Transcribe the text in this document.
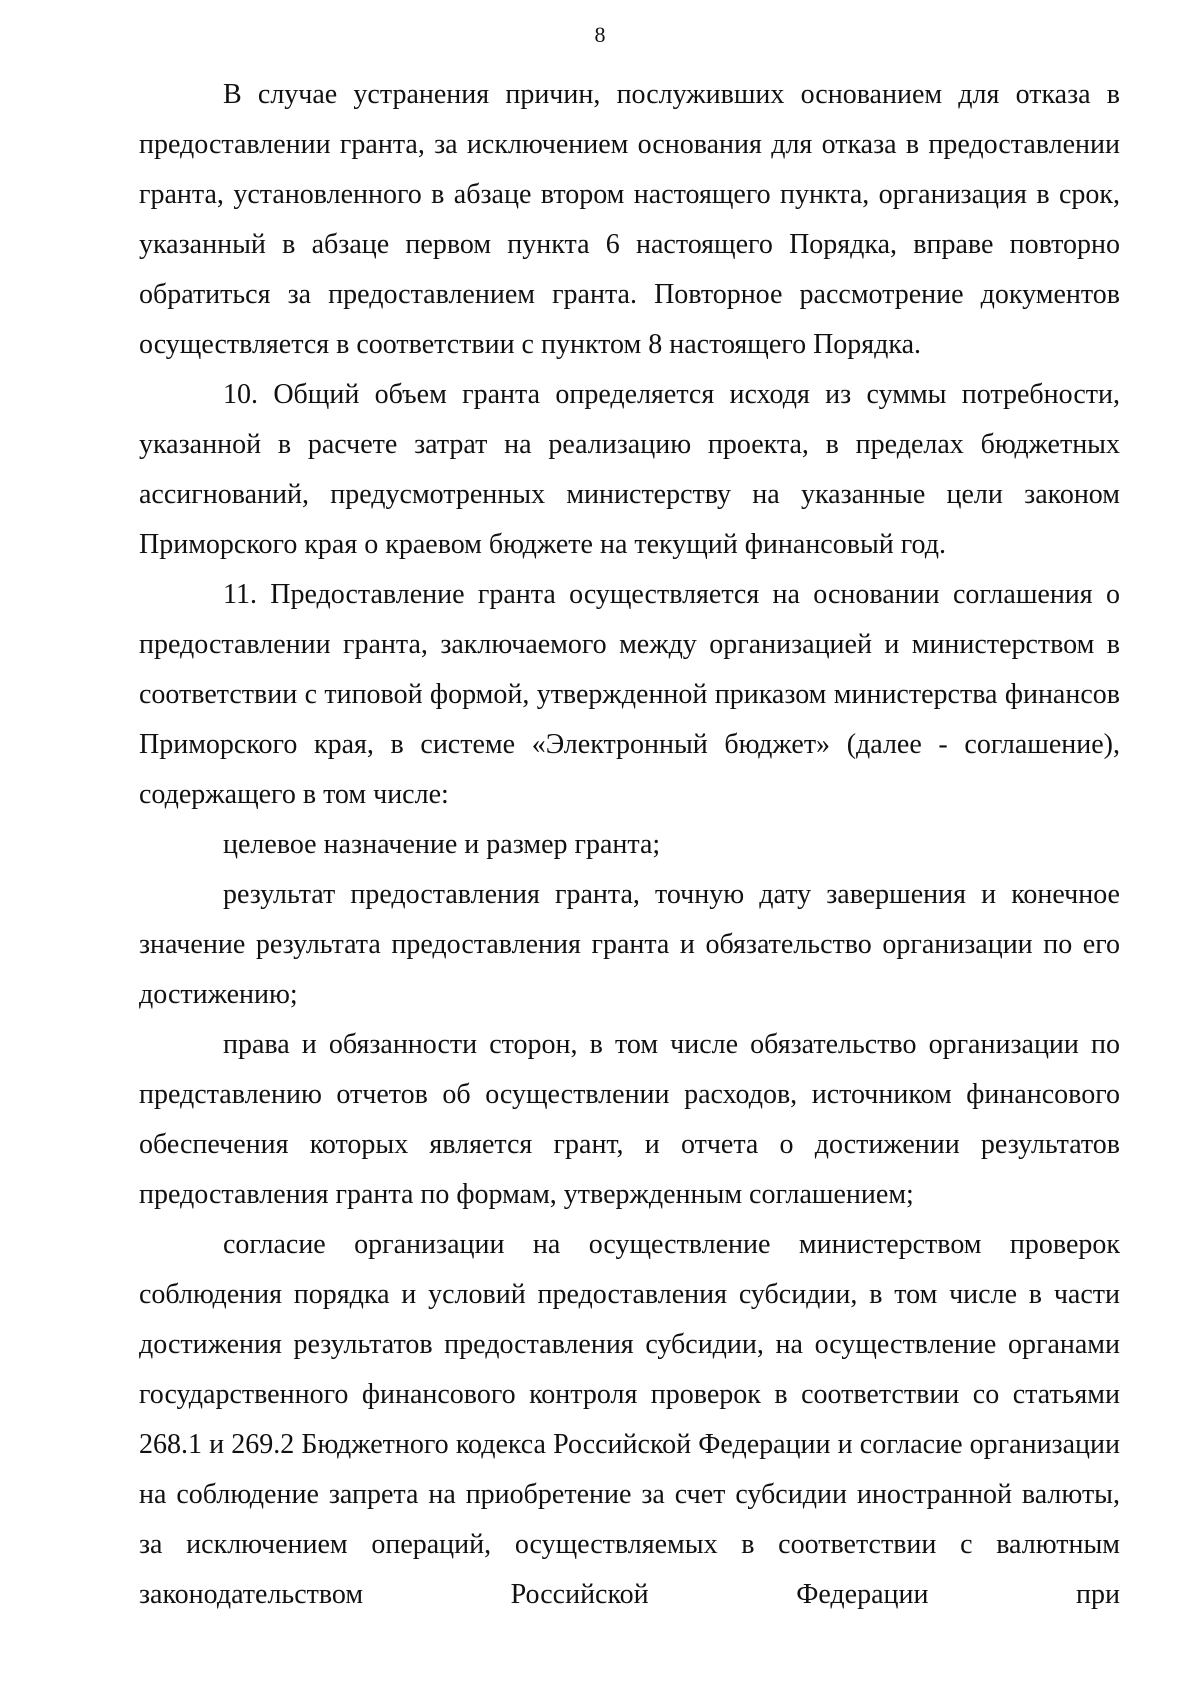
8

В случае устранения причин, послуживших основанием для отказа в предоставлении гранта, за исключением основания для отказа в предоставлении гранта, установленного в абзаце втором настоящего пункта, организация в срок, указанный в абзаце первом пункта 6 настоящего Порядка, вправе повторно обратиться за предоставлением гранта. Повторное рассмотрение документов осуществляется в соответствии с пунктом 8 настоящего Порядка.

10. Общий объем гранта определяется исходя из суммы потребности, указанной в расчете затрат на реализацию проекта, в пределах бюджетных ассигнований, предусмотренных министерству на указанные цели законом Приморского края о краевом бюджете на текущий финансовый год.

11. Предоставление гранта осуществляется на основании соглашения о предоставлении гранта, заключаемого между организацией и министерством в соответствии с типовой формой, утвержденной приказом министерства финансов Приморского края, в системе «Электронный бюджет» (далее - соглашение), содержащего в том числе:

целевое назначение и размер гранта;

результат предоставления гранта, точную дату завершения и конечное значение результата предоставления гранта и обязательство организации по его достижению;

права и обязанности сторон, в том числе обязательство организации по представлению отчетов об осуществлении расходов, источником финансового обеспечения которых является грант, и отчета о достижении результатов предоставления гранта по формам, утвержденным соглашением;

согласие организации на осуществление министерством проверок соблюдения порядка и условий предоставления субсидии, в том числе в части достижения результатов предоставления субсидии, на осуществление органами государственного финансового контроля проверок в соответствии со статьями 268.1 и 269.2 Бюджетного кодекса Российской Федерации и согласие организации на соблюдение запрета на приобретение за счет субсидии иностранной валюты, за исключением операций, осуществляемых в соответствии с валютным законодательством Российской Федерации при
